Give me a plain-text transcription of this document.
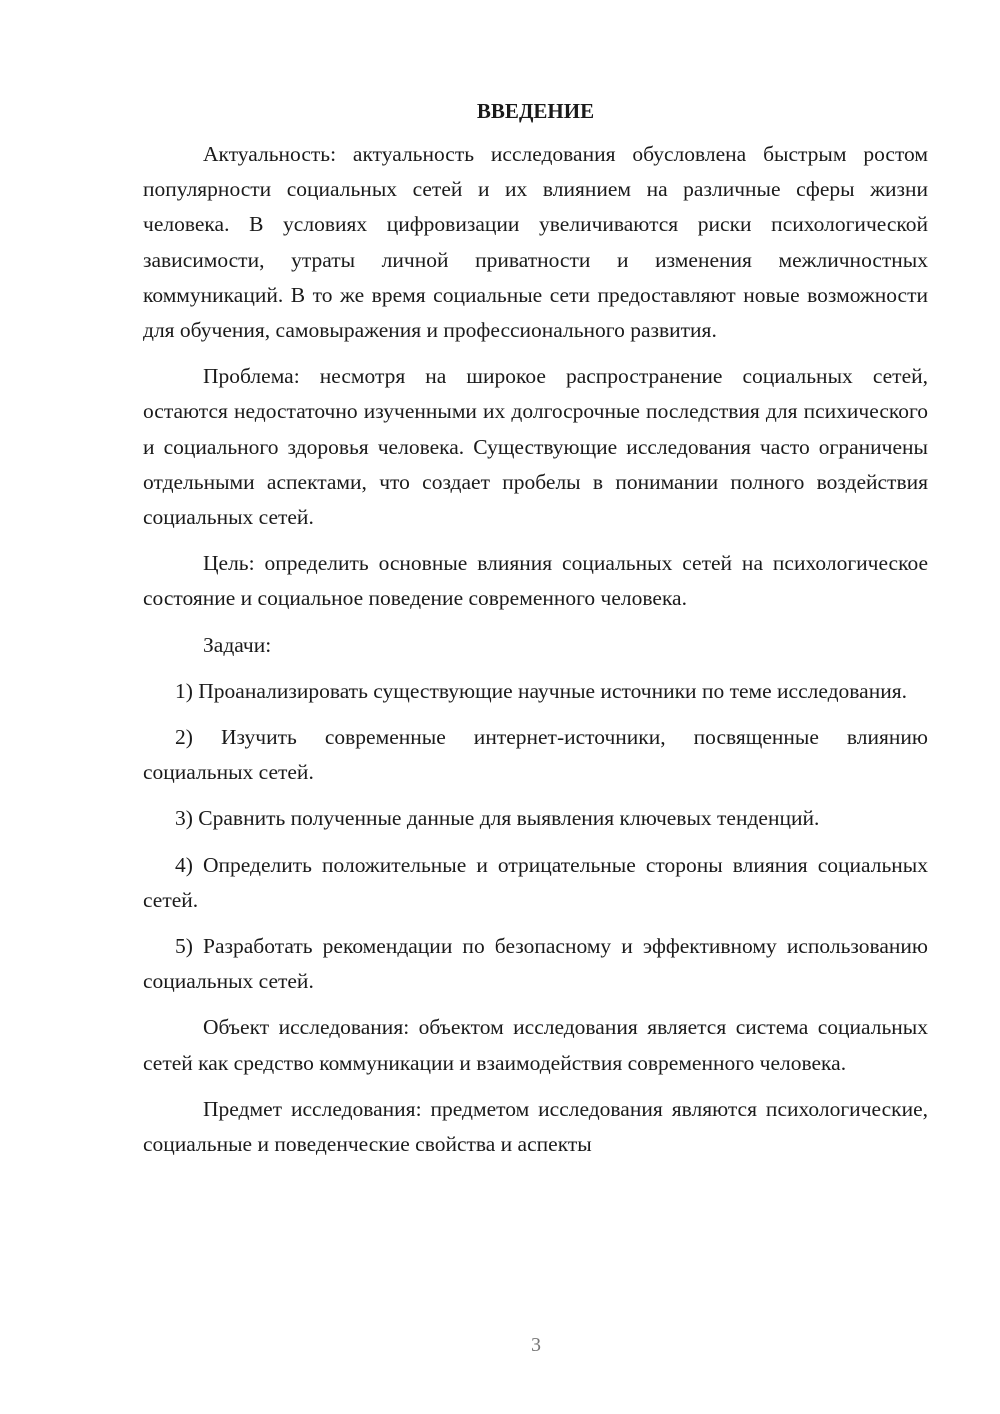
ВВЕДЕНИЕ

Актуальность: актуальность исследования обусловлена быстрым ростом популярности социальных сетей и их влиянием на различные сферы жизни человека. В условиях цифровизации увеличиваются риски психологической зависимости, утраты личной приватности и изменения межличностных коммуникаций. В то же время социальные сети предоставляют новые возможности для обучения, самовыражения и профессионального развития.

Проблема: несмотря на широкое распространение социальных сетей, остаются недостаточно изученными их долгосрочные последствия для психического и социального здоровья человека. Существующие исследования часто ограничены отдельными аспектами, что создает пробелы в понимании полного воздействия социальных сетей.

Цель: определить основные влияния социальных сетей на психологическое состояние и социальное поведение современного человека.

Задачи:

1) Проанализировать существующие научные источники по теме исследования.

2) Изучить современные интернет-источники, посвященные влиянию социальных сетей.

3) Сравнить полученные данные для выявления ключевых тенденций.

4) Определить положительные и отрицательные стороны влияния социальных сетей.

5) Разработать рекомендации по безопасному и эффективному использованию социальных сетей.

Объект исследования: объектом исследования является система социальных сетей как средство коммуникации и взаимодействия современного человека.

Предмет исследования: предметом исследования являются психологические, социальные и поведенческие свойства и аспекты

3
